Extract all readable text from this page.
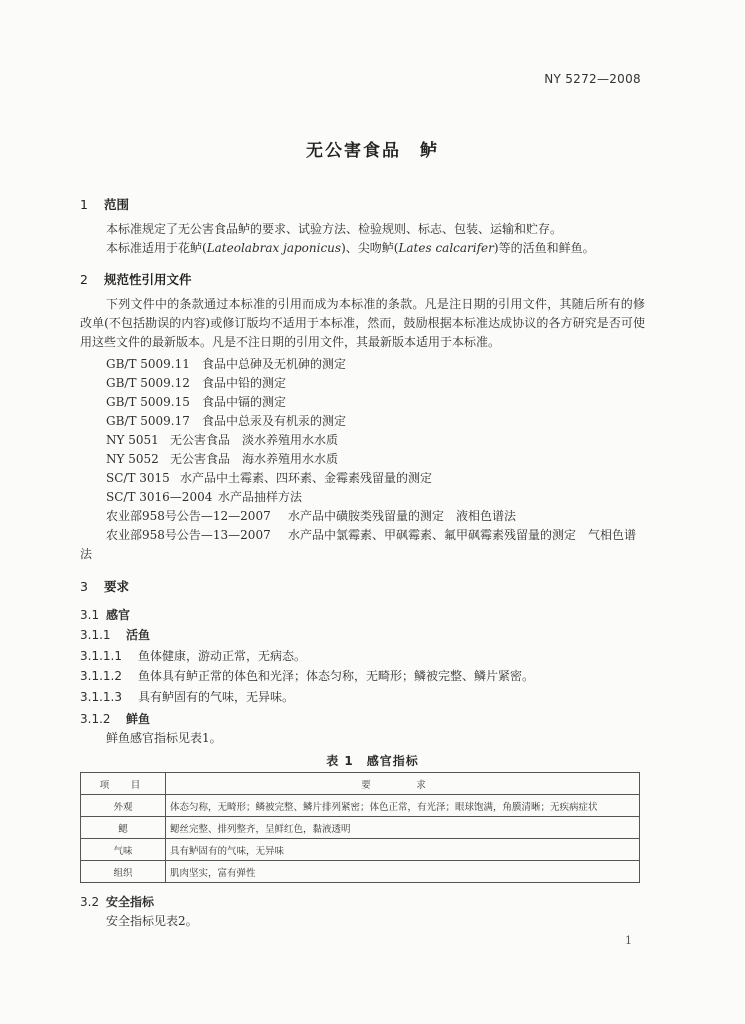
NY 5272—2008
无公害食品　鲈
1 范围
本标准规定了无公害食品鲈的要求、试验方法、检验规则、标志、包装、运输和贮存。
本标准适用于花鲈(Lateolabrax japonicus)、尖吻鲈(Lates calcarifer)等的活鱼和鲜鱼。
2 规范性引用文件
下列文件中的条款通过本标准的引用而成为本标准的条款。凡是注日期的引用文件，其随后所有的修改单(不包括勘误的内容)或修订版均不适用于本标准，然而，鼓励根据本标准达成协议的各方研究是否可使用这些文件的最新版本。凡是不注日期的引用文件，其最新版本适用于本标准。
GB/T 5009.11 食品中总砷及无机砷的测定
GB/T 5009.12 食品中铅的测定
GB/T 5009.15 食品中镉的测定
GB/T 5009.17 食品中总汞及有机汞的测定
NY 5051 无公害食品　淡水养殖用水水质
NY 5052 无公害食品　海水养殖用水水质
SC/T 3015 水产品中土霉素、四环素、金霉素残留量的测定
SC/T 3016—2004 水产品抽样方法
农业部958号公告—12—2007 水产品中磺胺类残留量的测定　液相色谱法
农业部958号公告—13—2007 水产品中氯霉素、甲砜霉素、氟甲砜霉素残留量的测定　气相色谱法
3 要求
3.1 感官
3.1.1 活鱼
3.1.1.1 鱼体健康，游动正常，无病态。
3.1.1.2 鱼体具有鲈正常的体色和光泽；体态匀称，无畸形；鳞被完整、鳞片紧密。
3.1.1.3 具有鲈固有的气味，无异味。
3.1.2 鲜鱼
鲜鱼感官指标见表1。
表 1　感官指标
项　目	要　求
外观	体态匀称，无畸形；鳞被完整、鳞片排列紧密；体色正常，有光泽；眼球饱满，角膜清晰；无疾病症状
鳃	鳃丝完整、排列整齐，呈鲜红色，黏液透明
气味	具有鲈固有的气味，无异味
组织	肌肉坚实，富有弹性
3.2 安全指标
安全指标见表2。
1
